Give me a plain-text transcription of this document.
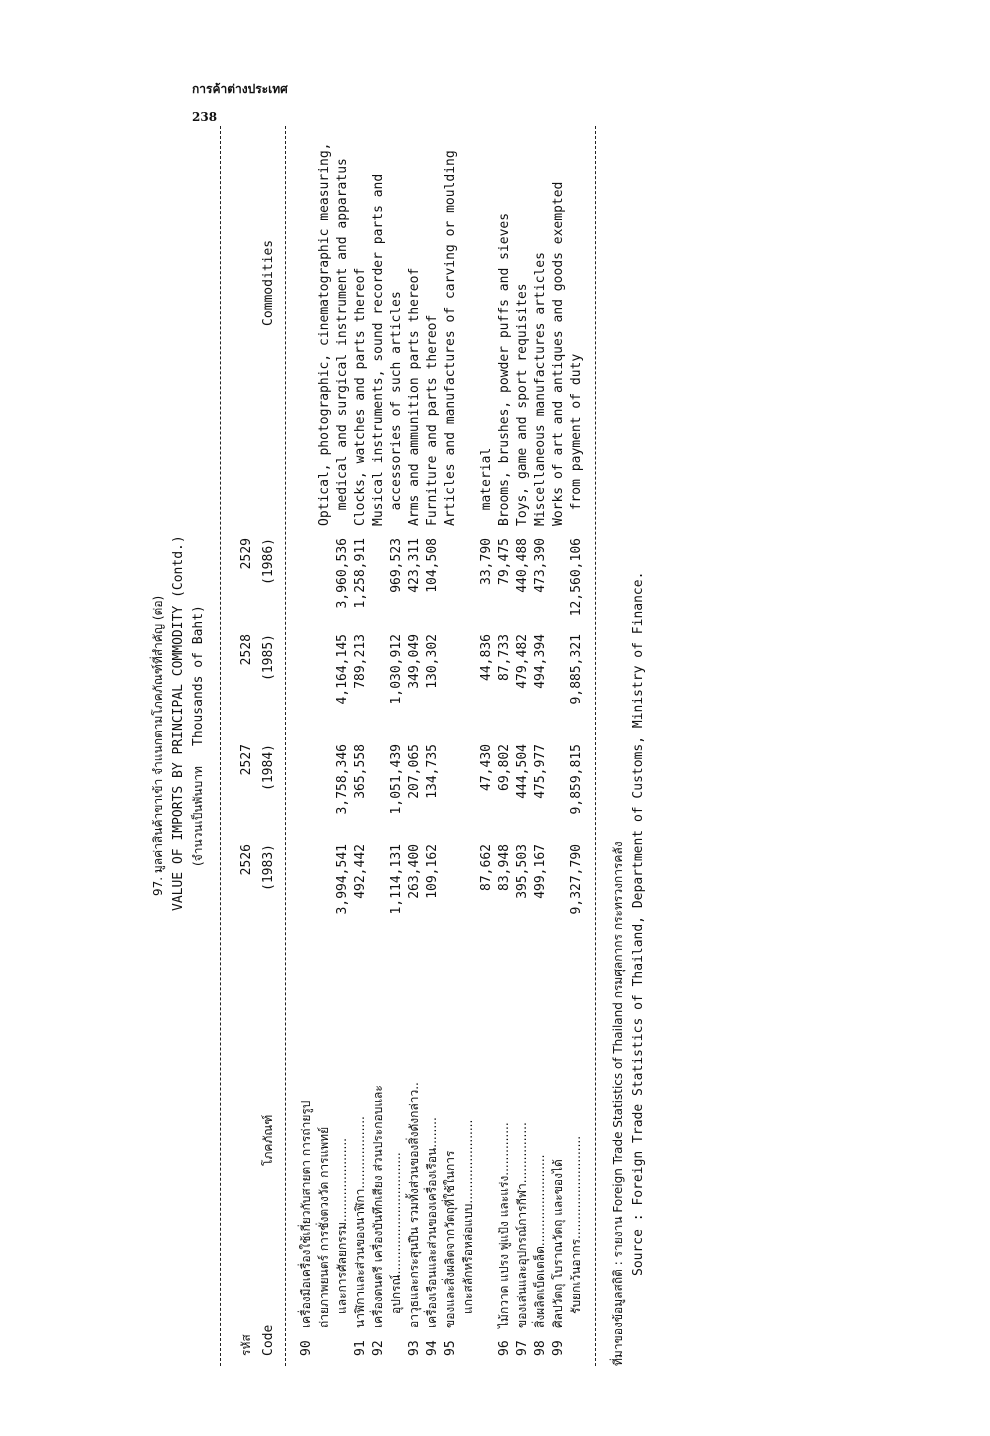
การค้าต่างประเทศ
238
97. มูลค่าสินค้าขาเข้า จำแนกตามโภคภัณฑ์ที่สำคัญ (ต่อ) VALUE OF IMPORTS BY PRINCIPAL COMMODITY (Contd.) (จำนวนเป็นพันบาท
Thousands of Baht)
รหัส Code
โภคภัณฑ์
2526
2527
2528
2529
(1983)
(1984)
(1985)
(1986)
Commodities
90
เครื่องมือเครื่องใช้เกี่ยวกับสายตา การถ่ายรูป ถ่ายภาพยนตร์ การชั่งตวงวัด การแพทย์ และการศัลยกรรม......................
3,994,541
3,758,346
4,164,145
3,960,536
Optical, photographic, cinematographic measuring, medical and surgical instrument and apparatus
91
นาฬิกาและส่วนของนาฬิกา...................
492,442
365,558
789,213
1,258,911
Clocks, watches and parts thereof
92
เครื่องดนตรี เครื่องบันทึกเสียง ส่วนประกอบและ อุปกรณ์................................
1,114,131
1,051,439
1,030,912
969,523
Musical instruments, sound recorder parts and accessories of such articles
93
อาวุธและกระสุนปืน รวมทั้งส่วนของสิ่งดังกล่าว..
263,400
207,065
349,049
423,311
Arms and ammunition parts thereof
94
เครื่องเรือนและส่วนของเครื่องเรือน........
109,162
134,735
130,302
104,508
Furniture and parts thereof
95
ของและสิ่งผลิตจากวัตถุที่ใช้ในการ แกะสลักหรือหล่อแบบ......................
87,662
47,430
44,836
33,790
Articles and manufactures of carving or moulding material
96
ไม้กวาด แปรง พู่แป้ง และแร่ง..............
83,948
69,802
87,733
79,475
Brooms, brushes, powder puffs and sieves
97
ของเล่นและอุปกรณ์การกีฬา................
395,503
444,504
479,482
440,488
Toys, game and sport requisites
98
สิ่งผลิตเบ็ดเตล็ด........................
499,167
475,977
494,394
473,390
Miscellaneous manufactures articles
99
ศิลปวัตถุ โบราณวัตถุ และของได้ รับยกเว้นอากร...........................
9,327,790
9,859,815
9,885,321
12,560,106
Works of art and antiques and goods exempted from payment of duty
ที่มาของข้อมูลสถิติ : รายงาน Foreign Trade Statistics of Thailand กรมศุลกากร กระทรวงการคลัง Source : Foreign Trade Statistics of Thailand, Department of Customs, Ministry of Finance.
